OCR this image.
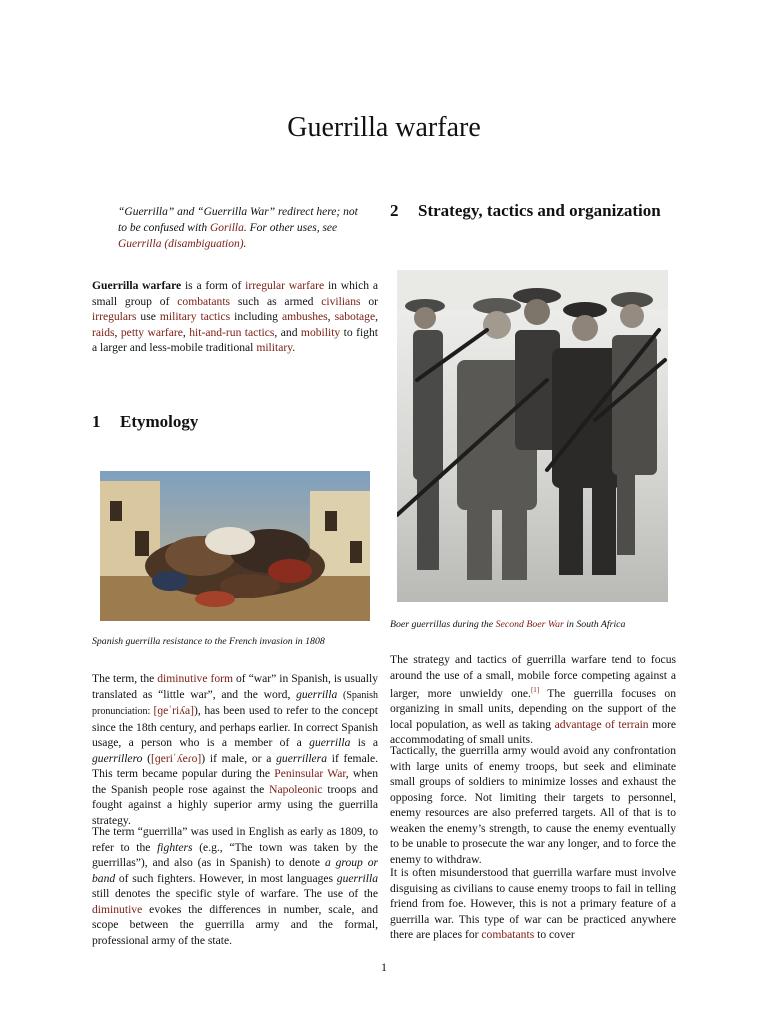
Guerrilla warfare
“Guerrilla” and “Guerrilla War” redirect here; not to be confused with Gorilla. For other uses, see Guerrilla (disambiguation).

Guerrilla warfare is a form of irregular warfare in which a small group of combatants such as armed civilians or irregulars use military tactics including ambushes, sabotage, raids, petty warfare, hit-and-run tactics, and mobility to fight a larger and less-mobile traditional military.

1 Etymology
Spanish guerrilla resistance to the French invasion in 1808

The term, the diminutive form of “war” in Spanish, is usually translated as “little war”, and the word, guerrilla (Spanish pronunciation: [ɡeˈriʎa]), has been used to refer to the concept since the 18th century, and perhaps earlier. In correct Spanish usage, a person who is a member of a guerrilla is a guerrillero ([ɡeriˈʎeɾo]) if male, or a guerrillera if female. This term became popular during the Peninsular War, when the Spanish people rose against the Napoleonic troops and fought against a highly superior army using the guerrilla strategy.

The term “guerrilla” was used in English as early as 1809, to refer to the fighters (e.g., “The town was taken by the guerrillas”), and also (as in Spanish) to denote a group or band of such fighters. However, in most languages guerrilla still denotes the specific style of warfare. The use of the diminutive evokes the differences in number, scale, and scope between the guerrilla army and the formal, professional army of the state.

2	Strategy, tactics and organization
Boer guerrillas during the Second Boer War in South Africa

The strategy and tactics of guerrilla warfare tend to focus around the use of a small, mobile force competing against a larger, more unwieldy one.[1] The guerrilla focuses on organizing in small units, depending on the support of the local population, as well as taking advantage of terrain more accommodating of small units.

Tactically, the guerrilla army would avoid any confrontation with large units of enemy troops, but seek and eliminate small groups of soldiers to minimize losses and exhaust the opposing force. Not limiting their targets to personnel, enemy resources are also preferred targets. All of that is to weaken the enemy’s strength, to cause the enemy eventually to be unable to prosecute the war any longer, and to force the enemy to withdraw.

It is often misunderstood that guerrilla warfare must involve disguising as civilians to cause enemy troops to fail in telling friend from foe. However, this is not a primary feature of a guerrilla war. This type of war can be practiced anywhere there are places for combatants to cover

1
